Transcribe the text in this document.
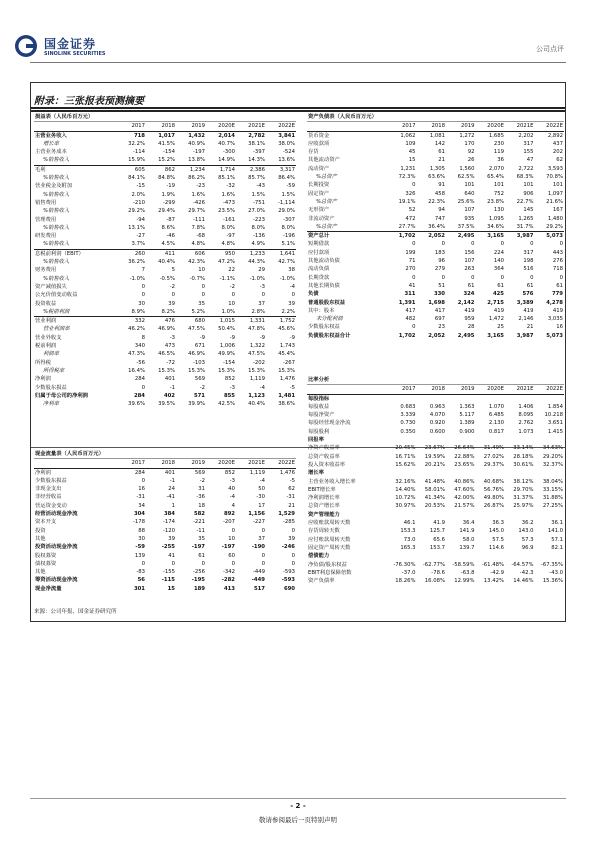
国金证券
SINOLINK SECURITIES
公司点评
附录：三张报表预测摘要
损益表（人民币百万元）						
	2017	2018	2019	2020E	2021E	2022E
主营业务收入	718	1,017	1,432	2,014	2,782	3,841
增长率	32.2%	41.5%	40.9%	40.7%	38.1%	38.0%
主营业务成本	-114	-154	-197	-300	-397	-524
%销售收入	15.9%	15.2%	13.8%	14.9%	14.3%	13.6%
毛利	605	862	1,234	1,714	2,386	3,317
%销售收入	84.1%	84.8%	86.2%	85.1%	85.7%	86.4%
营业税金及附加	-15	-19	-23	-32	-43	-59
%销售收入	2.0%	1.9%	1.6%	1.6%	1.5%	1.5%
销售费用	-210	-299	-426	-473	-751	-1,114
%销售收入	29.2%	29.4%	29.7%	23.5%	27.0%	29.0%
管理费用	-94	-87	-111	-161	-223	-307
%销售收入	13.1%	8.6%	7.8%	8.0%	8.0%	8.0%
研发费用	-27	-46	-68	-97	-136	-196
%销售收入	3.7%	4.5%	4.8%	4.8%	4.9%	5.1%
息税前利润（EBIT）	260	411	606	950	1,233	1,641
%销售收入	36.2%	40.4%	42.3%	47.2%	44.3%	42.7%
财务费用	7	5	10	22	29	38
%销售收入	-1.0%	-0.5%	-0.7%	-1.1%	-1.0%	-1.0%
资产减值损失	0	-2	0	-2	-3	-4
公允价值变动收益	0	0	0	0	0	0
投资收益	30	39	35	10	37	39
%税前利润	8.9%	8.2%	5.2%	1.0%	2.8%	2.2%
营业利润	332	476	680	1,015	1,331	1,752
营业利润率	46.2%	46.9%	47.5%	50.4%	47.8%	45.6%
营业外收支	8	-3	-9	-9	-9	-9
税前利润	340	473	671	1,006	1,322	1,743
利润率	47.3%	46.5%	46.9%	49.9%	47.5%	45.4%
所得税	-56	-72	-103	-154	-202	-267
所得税率	16.4%	15.3%	15.3%	15.3%	15.3%	15.3%
净利润	284	401	569	852	1,119	1,476
少数股东损益	0	-1	-2	-3	-4	-5
归属于母公司的净利润	284	402	571	855	1,123	1,481
净利率	39.6%	39.5%	39.9%	42.5%	40.4%	38.6%
资产负债表（人民币百万元）						
	2017	2018	2019	2020E	2021E	2022E
货币资金	1,062	1,081	1,272	1,685	2,202	2,892
应收款项	109	142	170	230	317	437
存货	45	61	92	119	155	202
其他流动资产	15	21	26	36	47	62
流动资产	1,231	1,305	1,560	2,070	2,722	3,593
%总资产	72.3%	63.6%	62.5%	65.4%	68.3%	70.8%
长期投资	0	91	101	101	101	101
固定资产	326	458	640	752	906	1,097
%总资产	19.1%	22.3%	25.6%	23.8%	22.7%	21.6%
无形资产	52	94	107	130	145	167
非流动资产	472	747	935	1,095	1,265	1,480
%总资产	27.7%	36.4%	37.5%	34.6%	31.7%	29.2%
资产总计	1,702	2,052	2,495	3,165	3,987	5,073
短期借款	0	0	0	0	0	0
应付款项	199	183	156	224	317	443
其他流动负债	71	96	107	140	198	276
流动负债	270	279	263	364	516	718
长期贷款	0	0	0	0	0	0
其他长期负债	41	51	61	61	61	61
负债	311	330	324	425	576	779
普通股股东权益	1,391	1,698	2,142	2,715	3,389	4,278
其中：股本	417	417	419	419	419	419
未分配利润	482	697	959	1,472	2,146	3,035
少数股东权益	0	23	28	25	21	16
负债股东权益合计	1,702	2,052	2,495	3,165	3,987	5,073
比率分析						
	2017	2018	2019	2020E	2021E	2022E
每股指标						
每股收益	0.683	0.963	1.363	1.070	1.406	1.854
每股净资产	3.339	4.070	5.117	6.485	8.095	10.218
每股经营现金净流	0.730	0.920	1.389	2.130	2.762	3.651
每股股利	0.350	0.600	0.900	0.817	1.073	1.415
回报率						
净资产收益率	20.45%	23.67%	26.64%	31.49%	33.14%	34.63%
总资产收益率	16.71%	19.59%	22.88%	27.02%	28.18%	29.20%
投入资本收益率	15.62%	20.21%	23.65%	29.37%	30.61%	32.37%
增长率						
主营业务收入增长率	32.16%	41.48%	40.86%	40.68%	38.12%	38.04%
EBIT增长率	14.40%	58.01%	47.60%	56.76%	29.70%	33.15%
净利润增长率	10.72%	41.34%	42.00%	49.80%	31.37%	31.88%
总资产增长率	30.97%	20.53%	21.57%	26.87%	25.97%	27.25%
资产管理能力						
应收账款周转天数	46.1	41.9	36.4	36.3	36.2	36.1
存货周转天数	153.3	125.7	141.9	145.0	143.0	141.0
应付账款周转天数	73.0	65.6	58.0	57.5	57.3	57.1
固定资产周转天数	165.3	153.7	139.7	114.6	96.9	82.1
偿债能力						
净负债/股东权益	-76.30%	-62.77%	-58.59%	-61.48%	-64.57%	-67.35%
EBIT利息保障倍数	-37.0	-78.6	-63.8	-42.9	-42.3	-43.0
资产负债率	18.26%	16.08%	12.99%	13.42%	14.46%	15.36%
现金流量表（人民币百万元）						
	2017	2018	2019	2020E	2021E	2022E
净利润	284	401	569	852	1,119	1,476
少数股东损益	0	-1	-2	-3	-4	-5
非现金支出	16	24	31	40	50	62
非经营收益	-31	-41	-36	-4	-30	-31
营运资金变动	34	1	18	4	17	21
经营活动现金净流	304	384	582	892	1,156	1,529
资本开支	-178	-174	-221	-207	-227	-285
投资	88	-120	-11	0	0	0
其他	30	39	35	10	37	39
投资活动现金净流	-59	-255	-197	-197	-190	-246
股权募资	139	41	61	60	0	0
债权募资	0	0	0	0	0	0
其他	-83	-155	-256	-342	-449	-593
筹资活动现金净流	56	-115	-195	-282	-449	-593
现金净流量	301	15	189	413	517	690
来源：公司年报、国金证券研究所
- 2 -
敬请参阅最后一页特别声明
